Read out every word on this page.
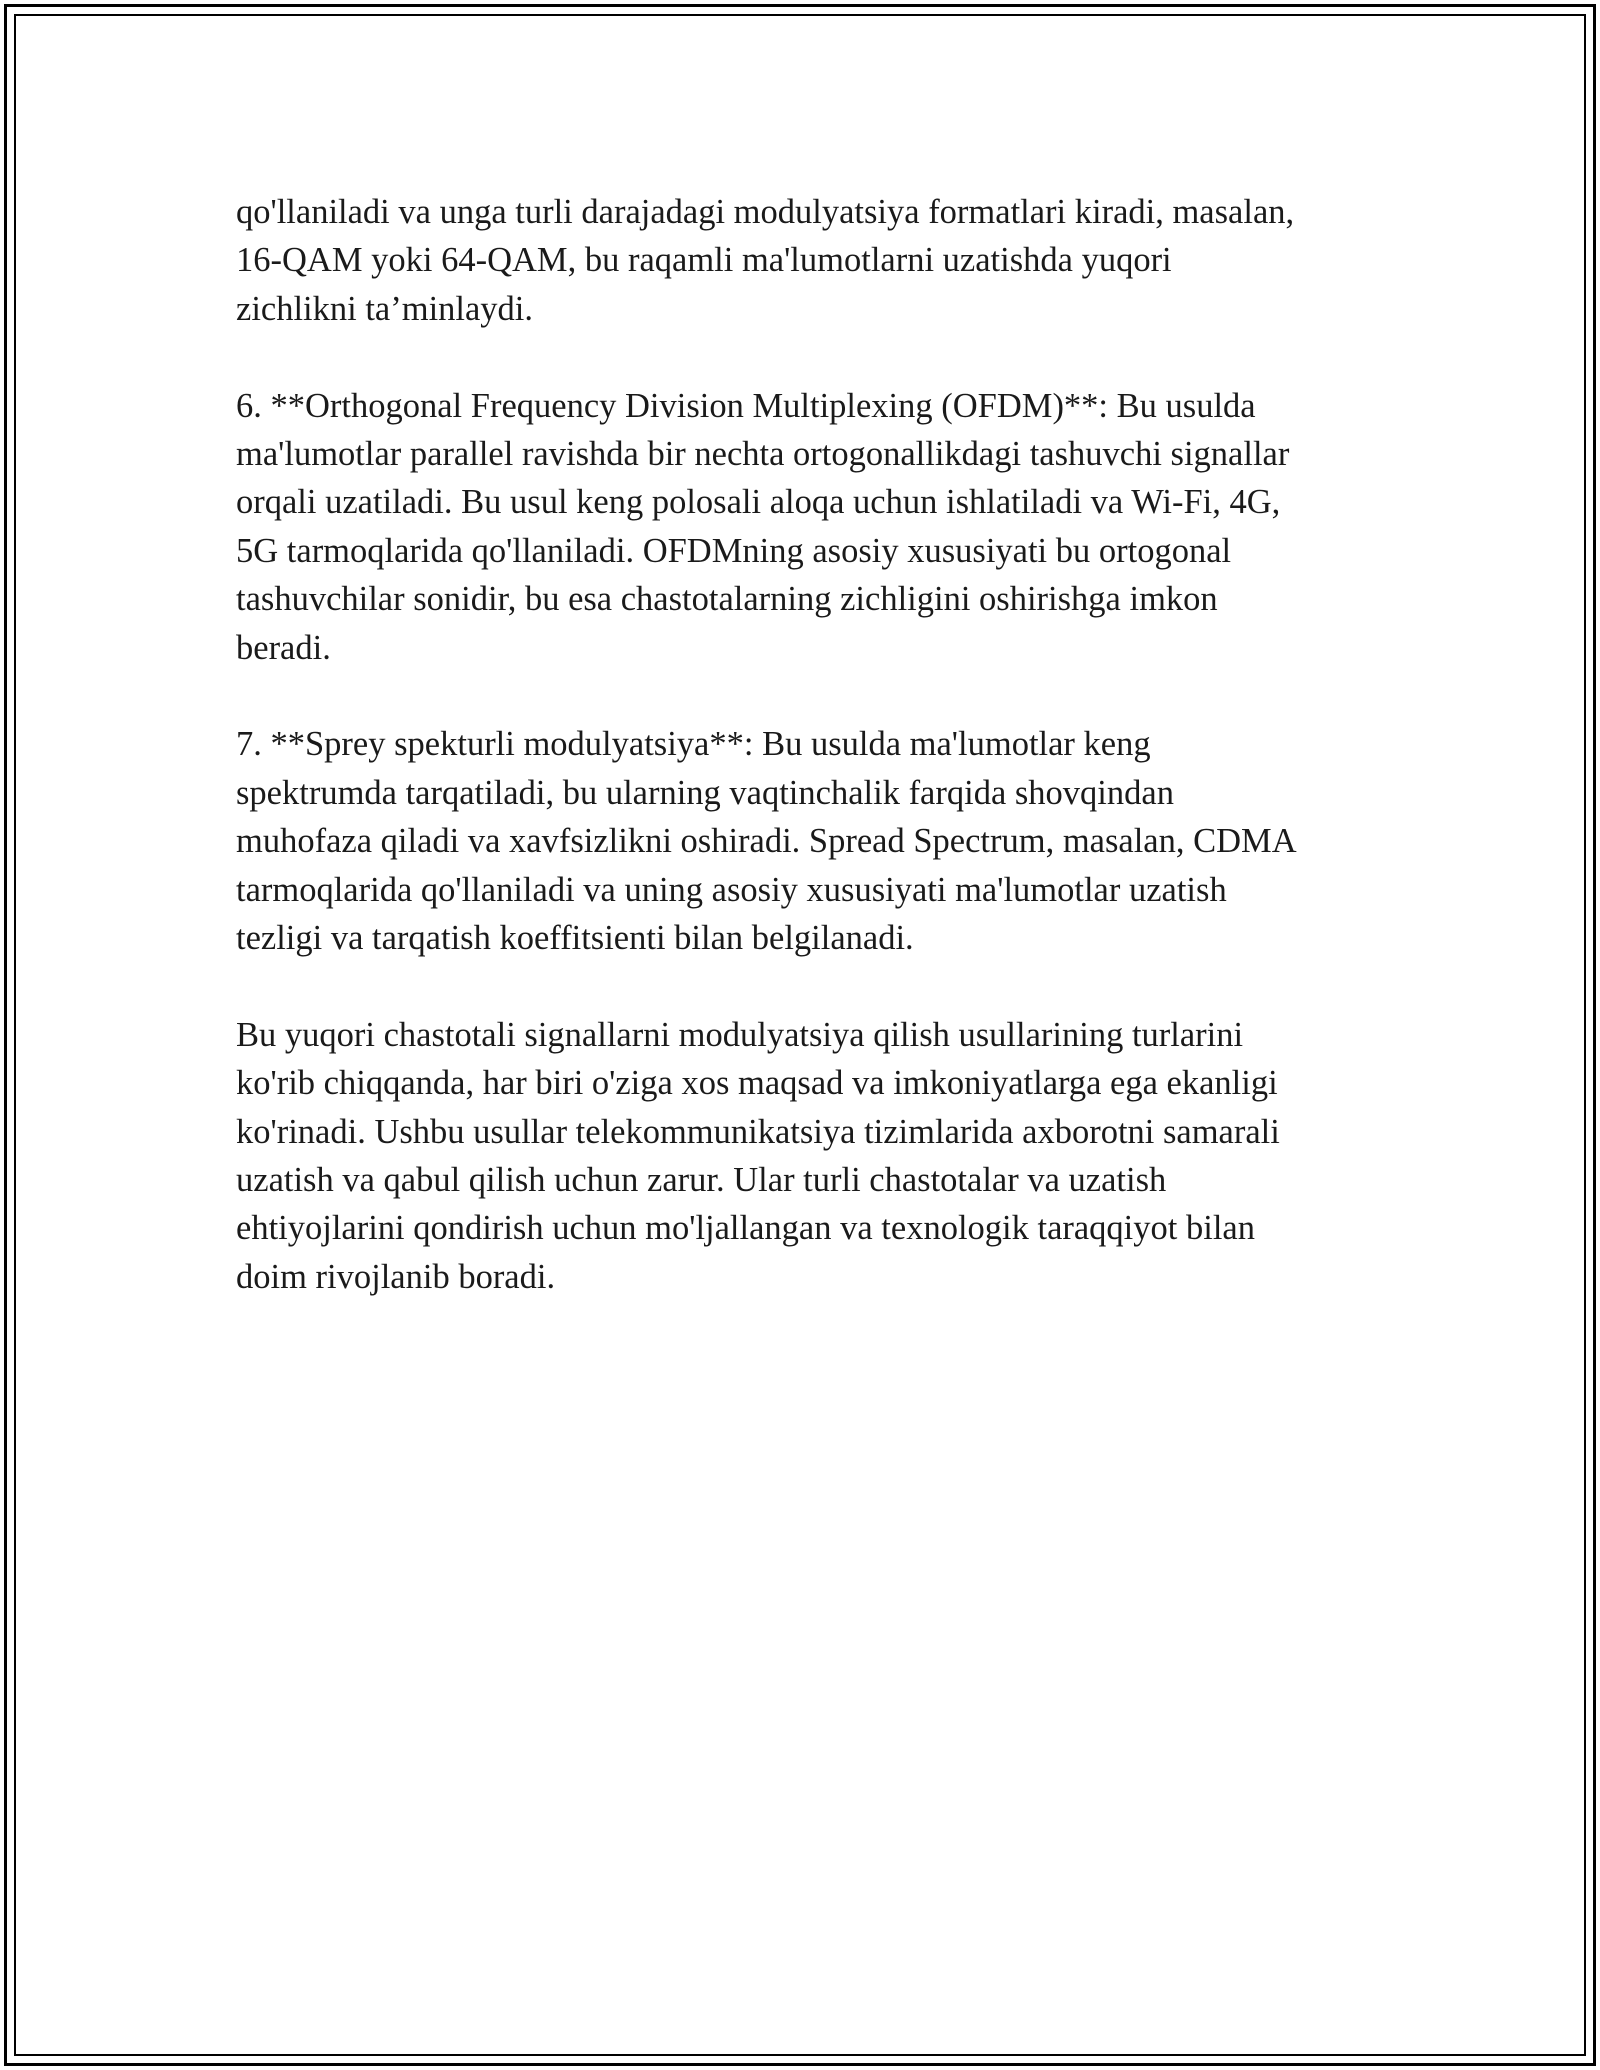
qo'llaniladi va unga turli darajadagi modulyatsiya formatlari kiradi, masalan,
16-QAM yoki 64-QAM, bu raqamli ma'lumotlarni uzatishda yuqori
zichlikni ta’minlaydi.

6. **Orthogonal Frequency Division Multiplexing (OFDM)**: Bu usulda
ma'lumotlar parallel ravishda bir nechta ortogonallikdagi tashuvchi signallar
orqali uzatiladi. Bu usul keng polosali aloqa uchun ishlatiladi va Wi-Fi, 4G,
5G tarmoqlarida qo'llaniladi. OFDMning asosiy xususiyati bu ortogonal
tashuvchilar sonidir, bu esa chastotalarning zichligini oshirishga imkon
beradi.

7. **Sprey spekturli modulyatsiya**: Bu usulda ma'lumotlar keng
spektrumda tarqatiladi, bu ularning vaqtinchalik farqida shovqindan
muhofaza qiladi va xavfsizlikni oshiradi. Spread Spectrum, masalan, CDMA
tarmoqlarida qo'llaniladi va uning asosiy xususiyati ma'lumotlar uzatish
tezligi va tarqatish koeffitsienti bilan belgilanadi.

Bu yuqori chastotali signallarni modulyatsiya qilish usullarining turlarini
ko'rib chiqqanda, har biri o'ziga xos maqsad va imkoniyatlarga ega ekanligi
ko'rinadi. Ushbu usullar telekommunikatsiya tizimlarida axborotni samarali
uzatish va qabul qilish uchun zarur. Ular turli chastotalar va uzatish
ehtiyojlarini qondirish uchun mo'ljallangan va texnologik taraqqiyot bilan
doim rivojlanib boradi.
